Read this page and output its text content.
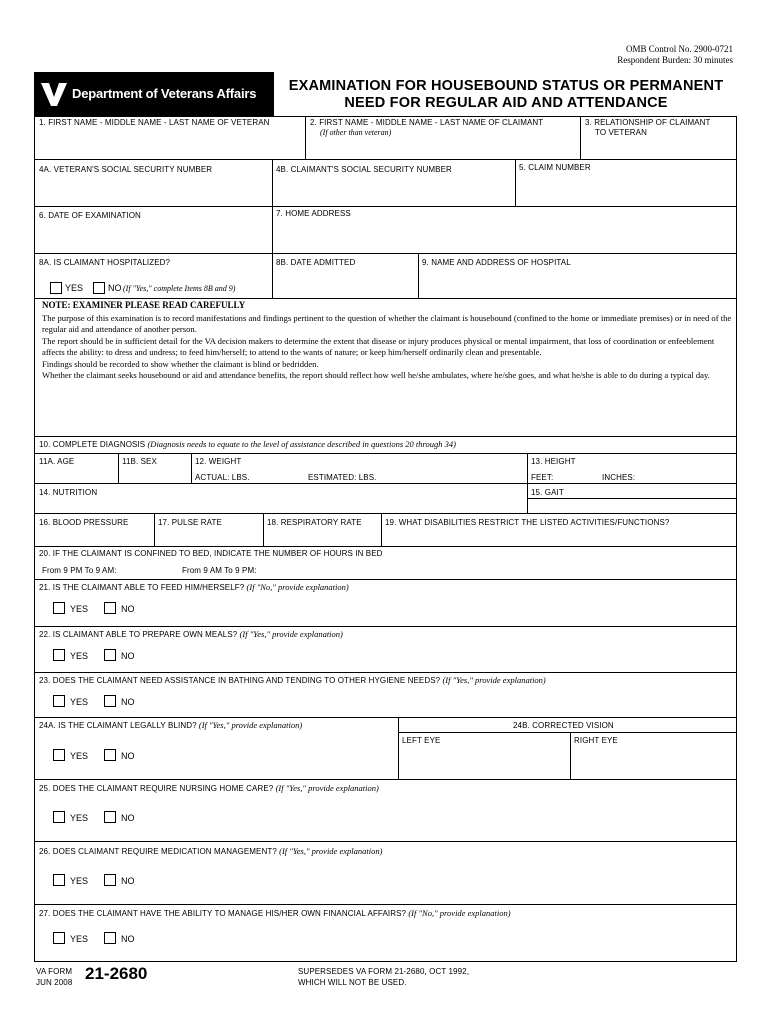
OMB Control No. 2900-0721
Respondent Burden: 30 minutes
Department of Veterans Affairs	EXAMINATION FOR HOUSEBOUND STATUS OR PERMANENT
NEED FOR REGULAR AID AND ATTENDANCE
1. FIRST NAME - MIDDLE NAME - LAST NAME OF VETERAN	2. FIRST NAME - MIDDLE NAME - LAST NAME OF CLAIMANT
(If other than veteran)
3. RELATIONSHIP OF CLAIMANT
TO VETERAN
4A. VETERAN'S SOCIAL SECURITY NUMBER	4B. CLAIMANT'S SOCIAL SECURITY NUMBER	5. CLAIM NUMBER
6. DATE OF EXAMINATION	7. HOME ADDRESS
8A. IS CLAIMANT HOSPITALIZED?	8B. DATE ADMITTED	9. NAME AND ADDRESS OF HOSPITAL
YES	NO (If "Yes," complete Items 8B and 9)
NOTE: EXAMINER PLEASE READ CAREFULLY

The purpose of this examination is to record manifestations and findings pertinent to the question of whether the claimant is housebound (confined to the home or immediate premises) or in need of the regular aid and attendance of another person.

The report should be in sufficient detail for the VA decision makers to determine the extent that disease or injury produces physical or mental impairment, that loss of coordination or enfeeblement affects the ability: to dress and undress; to feed him/herself; to attend to the wants of nature; or keep him/herself ordinarily clean and presentable.

Findings should be recorded to show whether the claimant is blind or bedridden.

Whether the claimant seeks housebound or aid and attendance benefits, the report should reflect how well he/she ambulates, where he/she goes, and what he/she is able to do during a typical day.

10. COMPLETE DIAGNOSIS (Diagnosis needs to equate to the level of assistance described in questions 20 through 34)
11A. AGE	11B. SEX	12. WEIGHT
ACTUAL: LBS.	ESTIMATED: LBS.
13. HEIGHT
FEET:	INCHES:
14. NUTRITION	15. GAIT
16. BLOOD PRESSURE	17. PULSE RATE	18. RESPIRATORY RATE	19. WHAT DISABILITIES RESTRICT THE LISTED ACTIVITIES/FUNCTIONS?
20. IF THE CLAIMANT IS CONFINED TO BED, INDICATE THE NUMBER OF HOURS IN BED
From 9 PM To 9 AM:	From 9 AM To 9 PM:
21. IS THE CLAIMANT ABLE TO FEED HIM/HERSELF? (If "No," provide explanation)
YES	NO
22. IS CLAIMANT ABLE TO PREPARE OWN MEALS? (If "Yes," provide explanation)
YES	NO
23. DOES THE CLAIMANT NEED ASSISTANCE IN BATHING AND TENDING TO OTHER HYGIENE NEEDS? (If "Yes," provide explanation)
YES	NO
24A. IS THE CLAIMANT LEGALLY BLIND? (If "Yes," provide explanation)	24B. CORRECTED VISION
LEFT EYE	RIGHT EYE
YES	NO
25. DOES THE CLAIMANT REQUIRE NURSING HOME CARE? (If "Yes," provide explanation)
YES	NO
26. DOES CLAIMANT REQUIRE MEDICATION MANAGEMENT? (If "Yes," provide explanation)
YES	NO
27. DOES THE CLAIMANT HAVE THE ABILITY TO MANAGE HIS/HER OWN FINANCIAL AFFAIRS? (If "No," provide explanation)
YES	NO
VA FORM
JUN 2008 21-2680	SUPERSEDES VA FORM 21-2680, OCT 1992,
WHICH WILL NOT BE USED.
